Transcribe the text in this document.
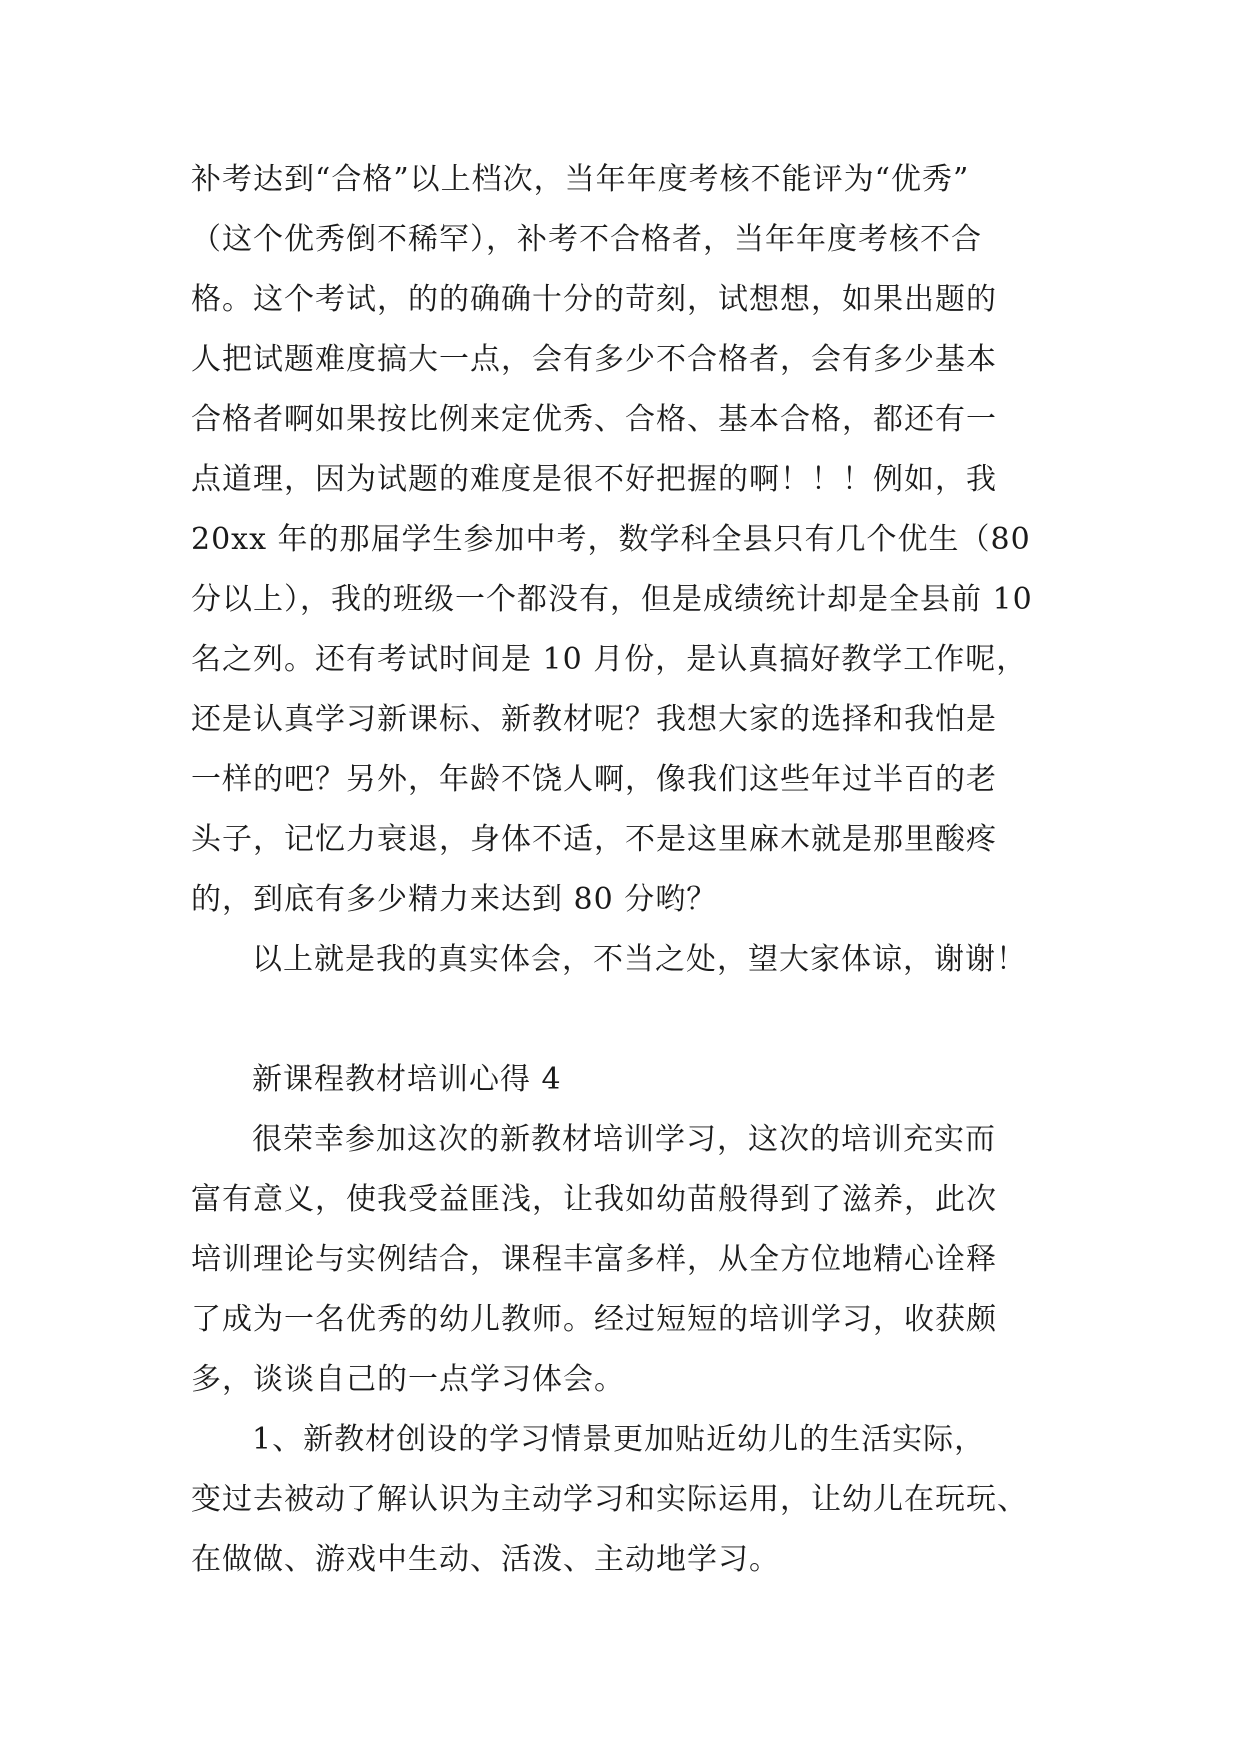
补考达到“合格”以上档次，当年年度考核不能评为“优秀”
（这个优秀倒不稀罕），补考不合格者，当年年度考核不合
格。这个考试，的的确确十分的苛刻，试想想，如果出题的
人把试题难度搞大一点，会有多少不合格者，会有多少基本
合格者啊如果按比例来定优秀、合格、基本合格，都还有一
点道理，因为试题的难度是很不好把握的啊！！！例如，我
20xx 年的那届学生参加中考，数学科全县只有几个优生（80
分以上），我的班级一个都没有，但是成绩统计却是全县前 10
名之列。还有考试时间是 10 月份，是认真搞好教学工作呢，
还是认真学习新课标、新教材呢？我想大家的选择和我怕是
一样的吧？另外，年龄不饶人啊，像我们这些年过半百的老
头子，记忆力衰退，身体不适，不是这里麻木就是那里酸疼
的，到底有多少精力来达到 80 分哟？
以上就是我的真实体会，不当之处，望大家体谅，谢谢！
新课程教材培训心得 4
很荣幸参加这次的新教材培训学习，这次的培训充实而
富有意义，使我受益匪浅，让我如幼苗般得到了滋养，此次
培训理论与实例结合，课程丰富多样，从全方位地精心诠释
了成为一名优秀的幼儿教师。经过短短的培训学习，收获颇
多，谈谈自己的一点学习体会。
1、新教材创设的学习情景更加贴近幼儿的生活实际，
变过去被动了解认识为主动学习和实际运用，让幼儿在玩玩、
在做做、游戏中生动、活泼、主动地学习。
